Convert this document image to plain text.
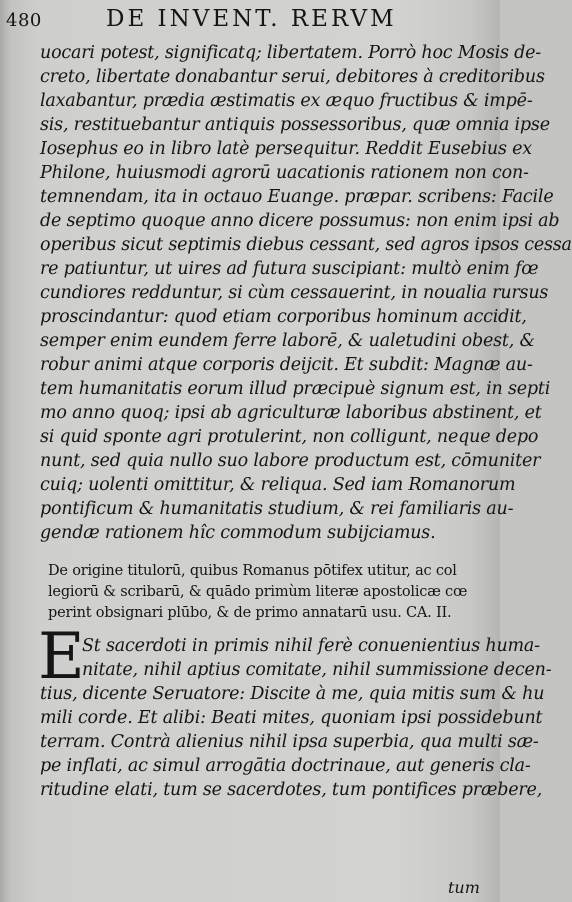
480	DE INVENT. RERVM
uocari potest, significatq; libertatem. Porrò hoc Mosis de-
creto, libertate donabantur serui, debitores à creditoribus
laxabantur, prædia æstimatis ex æquo fructibus & impē-
sis, restituebantur antiquis possessoribus, quæ omnia ipse
Iosephus eo in libro latè persequitur. Reddit Eusebius ex
Philone, huiusmodi agrorū uacationis rationem non con-
temnendam, ita in octauo Euange. præpar. scribens: Facile
de septimo quoque anno dicere possumus: non enim ipsi ab
operibus sicut septimis diebus cessant, sed agros ipsos cessa
re patiuntur, ut uires ad futura suscipiant: multò enim fœ
cundiores redduntur, si cùm cessauerint, in noualia rursus
proscindantur: quod etiam corporibus hominum accidit,
semper enim eundem ferre laborē, & ualetudini obest, &
robur animi atque corporis deijcit. Et subdit: Magnæ au-
tem humanitatis eorum illud præcipuè signum est, in septi
mo anno quoq; ipsi ab agriculturæ laboribus abstinent, et
si quid sponte agri protulerint, non colligunt, neque depo
nunt, sed quia nullo suo labore productum est, cōmuniter
cuiq; uolenti omittitur, & reliqua. Sed iam Romanorum
pontificum & humanitatis studium, & rei familiaris au-
gendæ rationem hîc commodum subijciamus.
De origine titulorū, quibus Romanus pōtifex utitur, ac col
legiorū & scribarū, & quādo primùm literæ apostolicæ cœ
perint obsignari plūbo, & de primo annatarū usu. CA. II.
E
St sacerdoti in primis nihil ferè conuenientius huma-
nitate, nihil aptius comitate, nihil summissione decen-
tius, dicente Seruatore: Discite à me, quia mitis sum & hu
mili corde. Et alibi: Beati mites, quoniam ipsi possidebunt
terram. Contrà alienius nihil ipsa superbia, qua multi sæ-
pe inflati, ac simul arrogātia doctrinaue, aut generis cla-
ritudine elati, tum se sacerdotes, tum pontifices præbere,
tum
